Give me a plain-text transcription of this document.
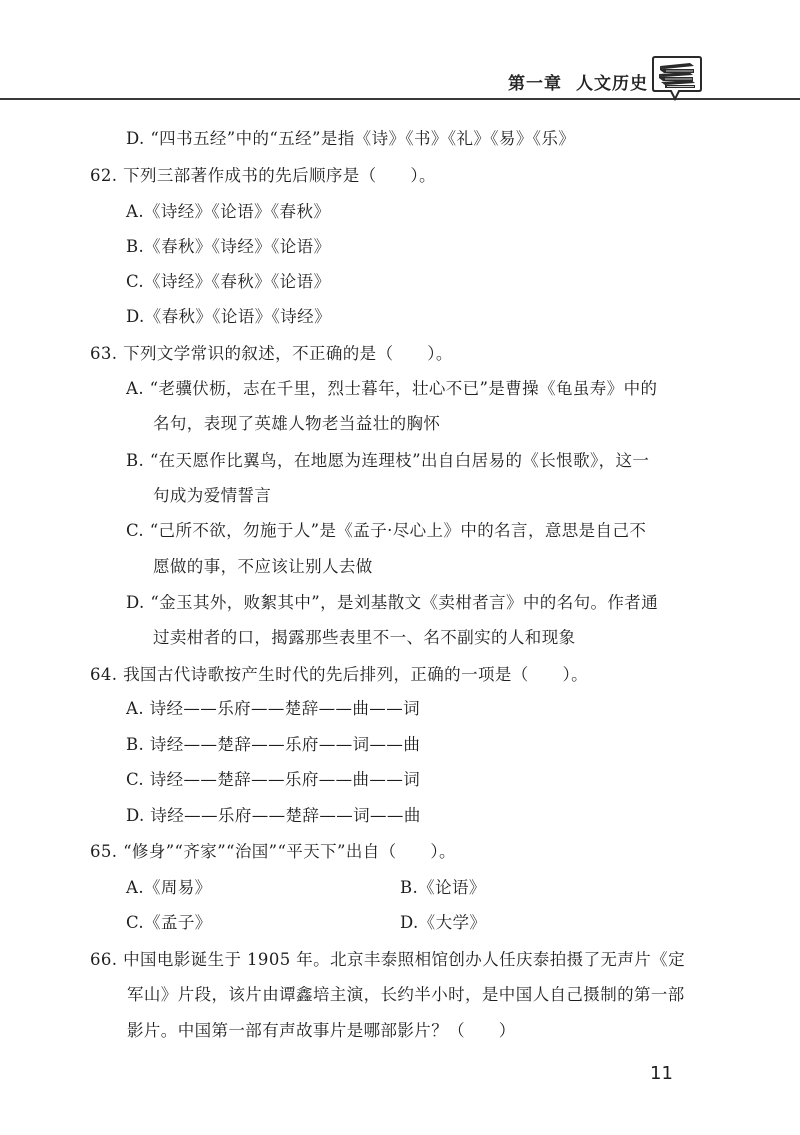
第一章 人文历史
D. “四书五经”中的“五经”是指《诗》《书》《礼》《易》《乐》
62. 下列三部著作成书的先后顺序是（　　）。
A.《诗经》《论语》《春秋》
B.《春秋》《诗经》《论语》
C.《诗经》《春秋》《论语》
D.《春秋》《论语》《诗经》
63. 下列文学常识的叙述，不正确的是（　　）。
A. “老骥伏枥，志在千里，烈士暮年，壮心不已”是曹操《龟虽寿》中的
名句，表现了英雄人物老当益壮的胸怀
B. “在天愿作比翼鸟，在地愿为连理枝”出自白居易的《长恨歌》，这一
句成为爱情誓言
C. “己所不欲，勿施于人”是《孟子·尽心上》中的名言，意思是自己不
愿做的事，不应该让别人去做
D. “金玉其外，败絮其中”，是刘基散文《卖柑者言》中的名句。作者通
过卖柑者的口，揭露那些表里不一、名不副实的人和现象
64. 我国古代诗歌按产生时代的先后排列，正确的一项是（　　）。
A. 诗经——乐府——楚辞——曲——词
B. 诗经——楚辞——乐府——词——曲
C. 诗经——楚辞——乐府——曲——词
D. 诗经——乐府——楚辞——词——曲
65. “修身”“齐家”“治国”“平天下”出自（　　）。
A.《周易》	B.《论语》
C.《孟子》	D.《大学》
66. 中国电影诞生于 1905 年。北京丰泰照相馆创办人任庆泰拍摄了无声片《定
军山》片段，该片由谭鑫培主演，长约半小时，是中国人自己摄制的第一部
影片。中国第一部有声故事片是哪部影片？（　　）
11
